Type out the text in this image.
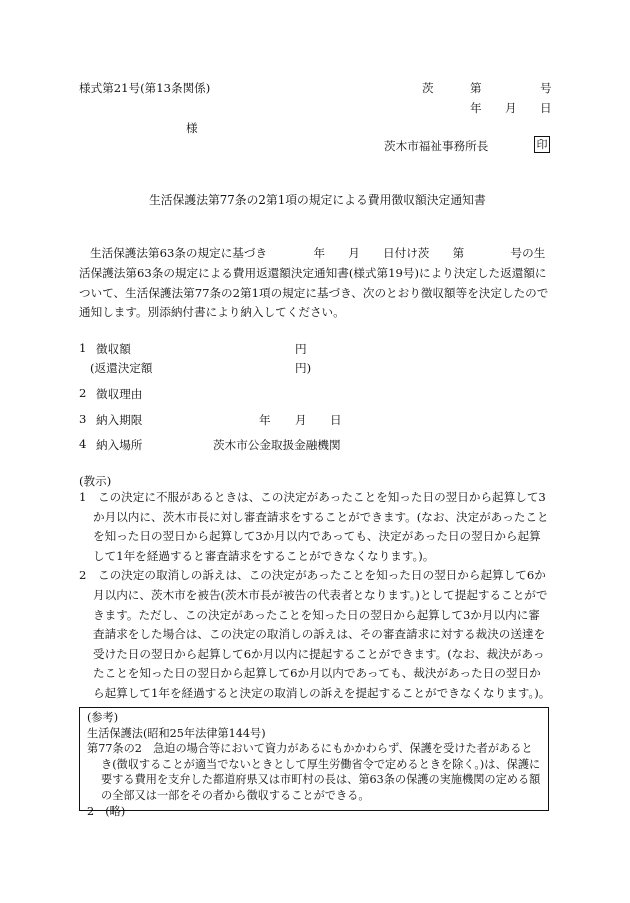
様式第21号(第13条関係)	茨	第	号
年 月 日
様
茨木市福祉事務所長	印
生活保護法第77条の2第1項の規定による費用徴収額決定通知書

生活保護法第63条の規定に基づき　　　　年　　月　　日付け茨　　第　　　　号の生

活保護法第63条の規定による費用返還額決定通知書(様式第19号)により決定した返還額に

ついて、生活保護法第77条の2第1項の規定に基づき、次のとおり徴収額等を決定したので

通知します。別添納付書により納入してください。

1 徴収額	円
(返還決定額	円)
2 徴収理由
3 納入期限	年 月 日
4 納入場所	茨木市公金取扱金融機関
(教示)

1　この決定に不服があるときは、この決定があったことを知った日の翌日から起算して3か月以内に、茨木市長に対し審査請求をすることができます。(なお、決定があったことを知った日の翌日から起算して3か月以内であっても、決定があった日の翌日から起算して1年を経過すると審査請求をすることができなくなります。)。

2　この決定の取消しの訴えは、この決定があったことを知った日の翌日から起算して6か月以内に、茨木市を被告(茨木市長が被告の代表者となります。)として提起することができます。ただし、この決定があったことを知った日の翌日から起算して3か月以内に審査請求をした場合は、この決定の取消しの訴えは、その審査請求に対する裁決の送達を受けた日の翌日から起算して6か月以内に提起することができます。(なお、裁決があったことを知った日の翌日から起算して6か月以内であっても、裁決があった日の翌日から起算して1年を経過すると決定の取消しの訴えを提起することができなくなります。)。

(参考)

生活保護法(昭和25年法律第144号)

第77条の2　急迫の場合等において資力があるにもかかわらず、保護を受けた者があるとき(徴収することが適当でないときとして厚生労働省令で定めるときを除く。)は、保護に要する費用を支弁した都道府県又は市町村の長は、第63条の保護の実施機関の定める額の全部又は一部をその者から徴収することができる。

2　(略)
